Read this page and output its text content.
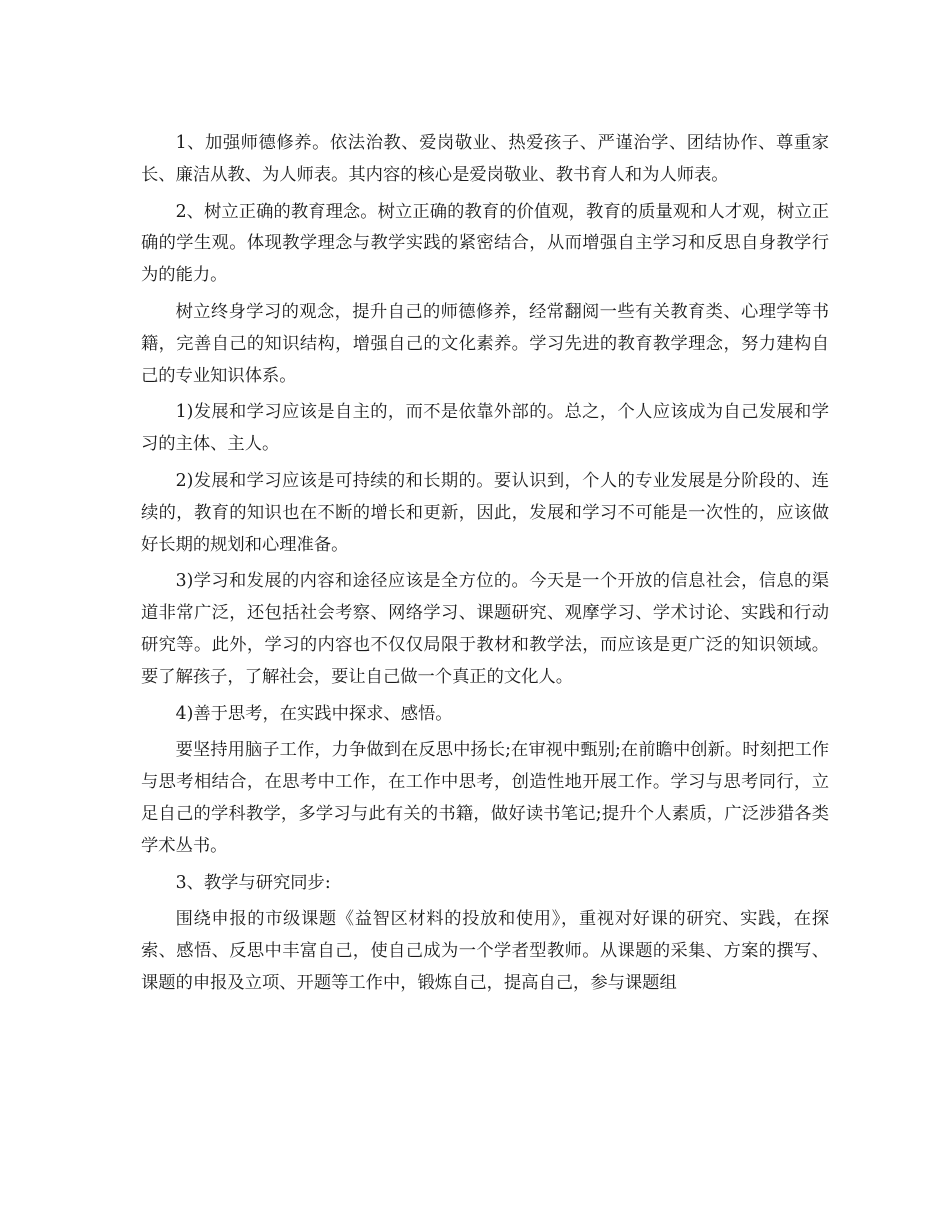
1、加强师德修养。依法治教、爱岗敬业、热爱孩子、严谨治学、团结协作、尊重家长、廉洁从教、为人师表。其内容的核心是爱岗敬业、教书育人和为人师表。

2、树立正确的教育理念。树立正确的教育的价值观，教育的质量观和人才观，树立正确的学生观。体现教学理念与教学实践的紧密结合，从而增强自主学习和反思自身教学行为的能力。

树立终身学习的观念，提升自己的师德修养，经常翻阅一些有关教育类、心理学等书籍，完善自己的知识结构，增强自己的文化素养。学习先进的教育教学理念，努力建构自己的专业知识体系。

1)发展和学习应该是自主的，而不是依靠外部的。总之，个人应该成为自己发展和学习的主体、主人。

2)发展和学习应该是可持续的和长期的。要认识到，个人的专业发展是分阶段的、连续的，教育的知识也在不断的增长和更新，因此，发展和学习不可能是一次性的，应该做好长期的规划和心理准备。

3)学习和发展的内容和途径应该是全方位的。今天是一个开放的信息社会，信息的渠道非常广泛，还包括社会考察、网络学习、课题研究、观摩学习、学术讨论、实践和行动研究等。此外，学习的内容也不仅仅局限于教材和教学法，而应该是更广泛的知识领域。要了解孩子，了解社会，要让自己做一个真正的文化人。

4)善于思考，在实践中探求、感悟。

要坚持用脑子工作，力争做到在反思中扬长;在审视中甄别;在前瞻中创新。时刻把工作与思考相结合，在思考中工作，在工作中思考，创造性地开展工作。学习与思考同行，立足自己的学科教学，多学习与此有关的书籍，做好读书笔记;提升个人素质，广泛涉猎各类学术丛书。

3、教学与研究同步:

围绕申报的市级课题《益智区材料的投放和使用》，重视对好课的研究、实践，在探索、感悟、反思中丰富自己，使自己成为一个学者型教师。从课题的采集、方案的撰写、课题的申报及立项、开题等工作中，锻炼自己，提高自己，参与课题组
